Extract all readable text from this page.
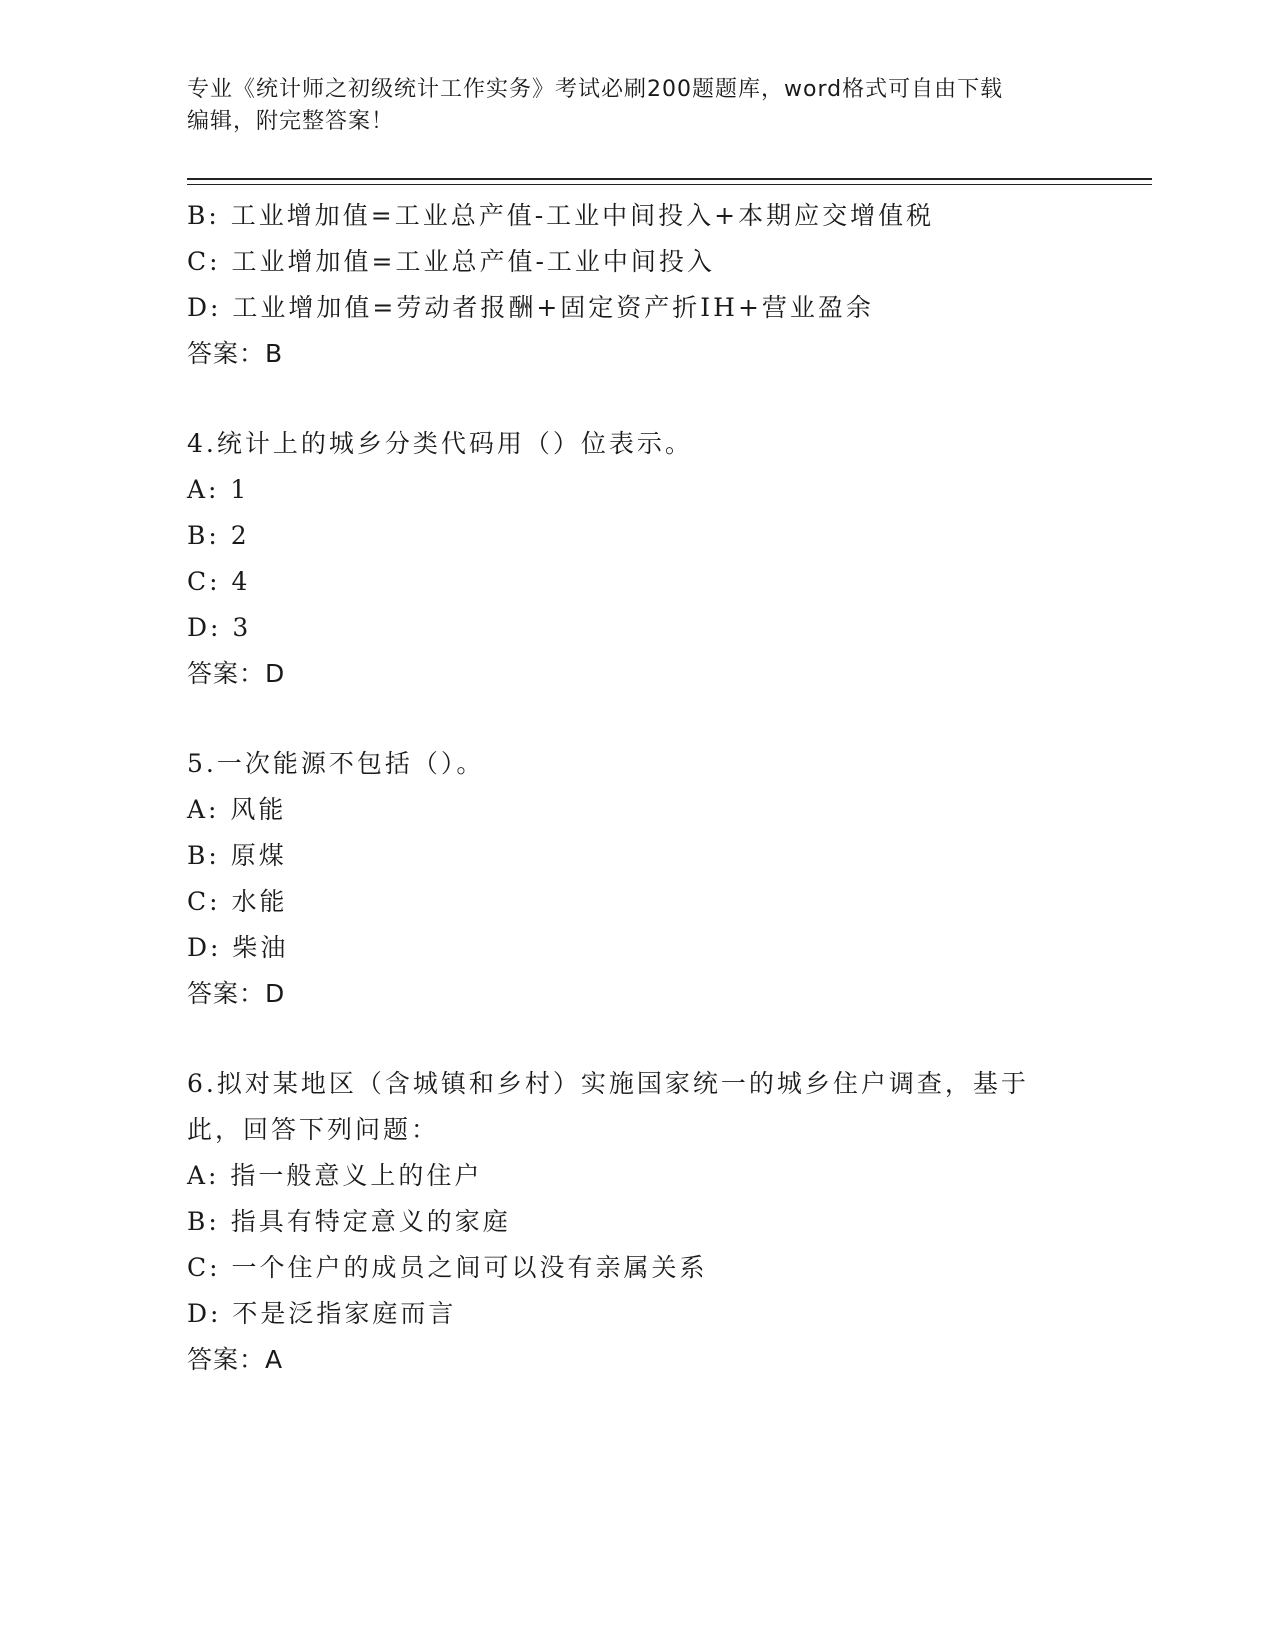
专业《统计师之初级统计工作实务》考试必刷200题题库，word格式可自由下载
编辑，附完整答案！
B: 工业增加值=工业总产值-工业中间投入+本期应交增值税
C: 工业增加值=工业总产值-工业中间投入
D: 工业增加值=劳动者报酬+固定资产折IH+营业盈余
答案：B
4.统计上的城乡分类代码用（）位表示。
A: 1
B: 2
C: 4
D: 3
答案：D
5.一次能源不包括（）。
A: 风能
B: 原煤
C: 水能
D: 柴油
答案：D
6.拟对某地区（含城镇和乡村）实施国家统一的城乡住户调查，基于此，回答下列问题：
A: 指一般意义上的住户
B: 指具有特定意义的家庭
C: 一个住户的成员之间可以没有亲属关系
D: 不是泛指家庭而言
答案：A
